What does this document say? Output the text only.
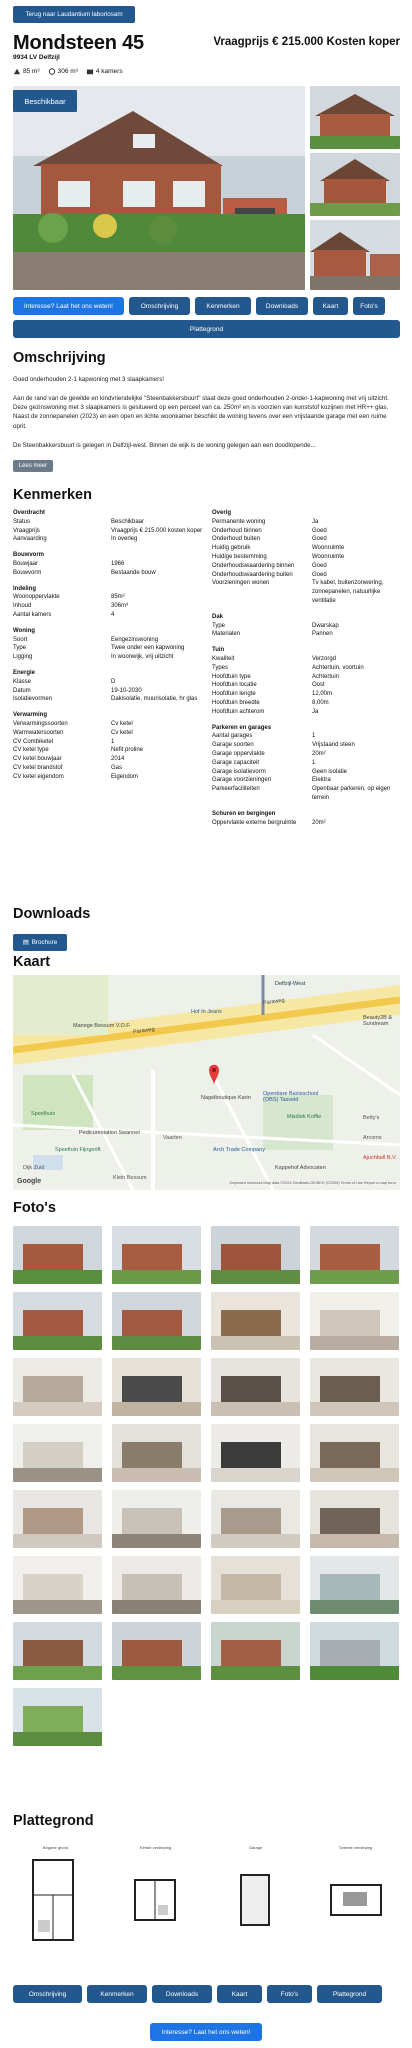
Terug naar Laudantium laboriosam
Mondsteen 45	Vraagprijs € 215.000 Kosten koper
9934 LV Delfzijl
85 m²	306 m³	4 kamers
Beschikbaar
Interesse? Laat het ons weten!	Omschrijving	Kenmerken	Downloads	Kaart	Foto's
Plattegrond
Omschrijving
Goed onderhouden 2-1 kapwoning met 3 slaapkamers!
Aan de rand van de gewilde en kindvriendelijke "Steenbakkersbuurt" staat deze goed onderhouden 2-onder-1-kapwoning met vrij uitzicht. Deze gezinswoning met 3 slaapkamers is gesitueerd op een perceel van ca. 250m² en is voorzien van kunststof kozijnen met HR++ glas. Naast de zonnepanelen (2023) en een open en lichte woonkamer beschikt de woning tevens over een vrijstaande garage met een ruime oprit.
De Steenbakkersbuurt is gelegen in Delfzijl-west. Binnen de wijk is de woning gelegen aan een doodlopende...
Lees meer
Kenmerken
Overdracht
Status	Beschikbaar
Vraagprijs	Vraagprijs € 215.000 kosten koper
Aanvaarding	In overleg
Bouwvorm
Bouwjaar	1966
Bouwvorm	Bestaande bouw
Indeling
Woonoppervlakte	85m²
Inhoud	306m³
Aantal kamers	4
Woning
Soort	Eengezinswoning
Type	Twee onder een kapwoning
Ligging	In woonwijk, vrij uitzicht
Energie
Klasse	D
Datum	19-10-2030
Isolatievormen	Dakisolatie, muurisolatie, hr glas
Verwarming
Verwarmingssoorten	Cv ketel
Warmwatersoorten	Cv ketel
CV Combiketel	1
CV ketel type	Nefit proline
CV ketel bouwjaar	2014
CV ketel brandstof	Gas
CV ketel eigendom	Eigendom
Overig
Permanente woning	Ja
Onderhoud binnen	Goed
Onderhoud buiten	Goed
Huidig gebruik	Woonruimte
Huidige bestemming	Woonruimte
Onderhoudswaardering binnen	Goed
Onderhoudswaardering buiten	Goed
Voorzieningen wonen	Tv kabel, buitenzonwering, zonnepanelen, natuurlijke ventilatie
Dak
Type	Dwarskap
Materialen	Pannen
Tuin
Kwaliteit	Verzorgd
Types	Achtertuin, voortuin
Hoofdtuin type	Achtertuin
Hoofdtuin locatie	Oost
Hoofdtuin lengte	12,00m
Hoofdtuin breedte	8,00m
Hoofdtuin achterom	Ja
Parkeren en garages
Aantal garages	1
Garage soorten	Vrijstaand steen
Garage oppervlakte	20m²
Garage capaciteit	1
Garage isolatievorm	Geen isolatie
Garage voorzieningen	Elektra
Parkeerfaciliteiten	Openbaar parkeren, op eigen terrein
Schuren en bergingen
Oppervlakte externe bergruimte	20m²
Downloads
▤ Brochure
Kaart
Delfzijl-West
Paraweg
Paraweg
Hof In Jeans
Manege Bessum V.O.F.
Beauty2B & Sundream
Nagelboutique Karin
Openbare Basisschool (OBS) Tasveld
Misdiek Koffie
Speelhuis
Pedicurestation Swannet
Speeltuin Fijngerift	Arch Trade Company
Kappehof Advocaten
Ajuchbell B.V.
Vaarten
Betty's
Arcoms
Dijk Zuid
Klein Bessum
Google	Keyboard shortcuts Map data ©2024 GeoBasis-DE/BKG (©2009) Terms of Use Report a map error
Foto's
Plattegrond
Begane grond	Eerste verdieping	Garage	Tweede verdieping
Omschrijving	Kenmerken	Downloads	Kaart	Foto's	Plattegrond
Interesse? Laat het ons weten!
